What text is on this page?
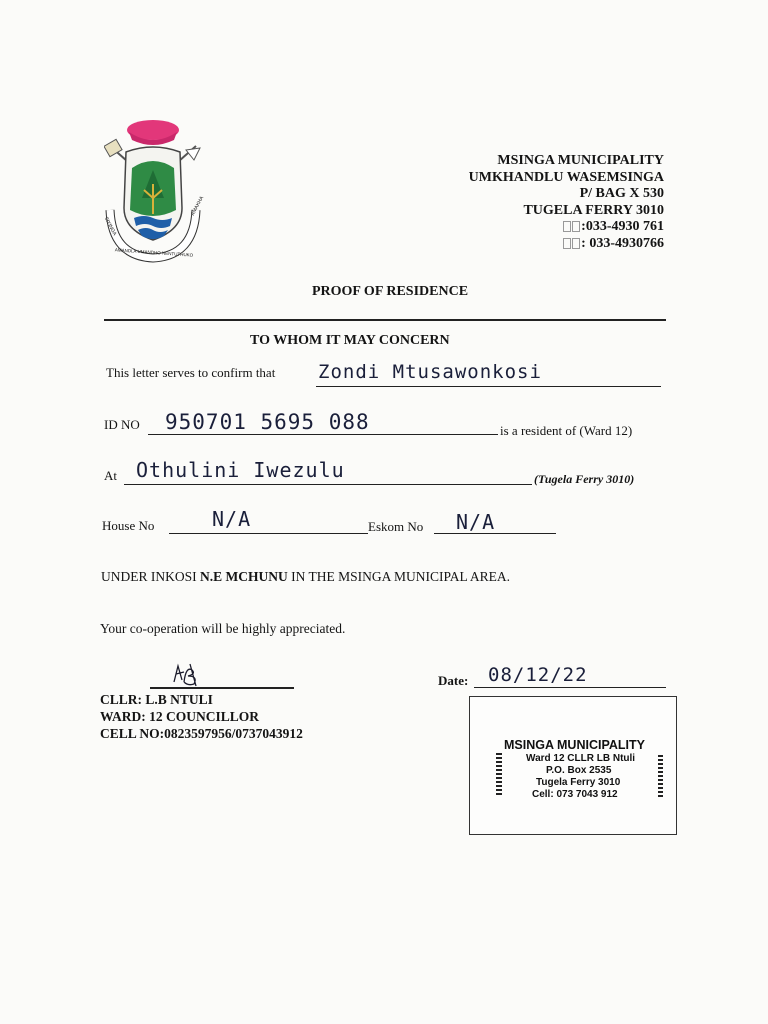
SIYINGA
AMAKHA
AMANDLA UMANDHO NENTUTHUKO
MSINGA MUNICIPALITY
UMKHANDLU WASEMSINGA
P/ BAG X 530
TUGELA FERRY 3010
:033-4930 761
: 033-4930766
PROOF OF RESIDENCE
TO WHOM IT MAY CONCERN
This letter serves to confirm that Zondi Mtusawonkosi
ID NO 950701 5695 088	is a resident of (Ward 12)
At Othulini Iwezulu	(Tugela Ferry 3010)
House No	N/A	Eskom No N/A
UNDER INKOSI N.E MCHUNU IN THE MSINGA MUNICIPAL AREA.
Your co-operation will be highly appreciated.
CLLR: L.B NTULI
WARD: 12 COUNCILLOR
CELL NO:0823597956/0737043912
Date: 08/12/22
MSINGA MUNICIPALITY
Ward 12 CLLR LB Ntuli
P.O. Box 2535
Tugela Ferry 3010
Cell: 073 7043 912
